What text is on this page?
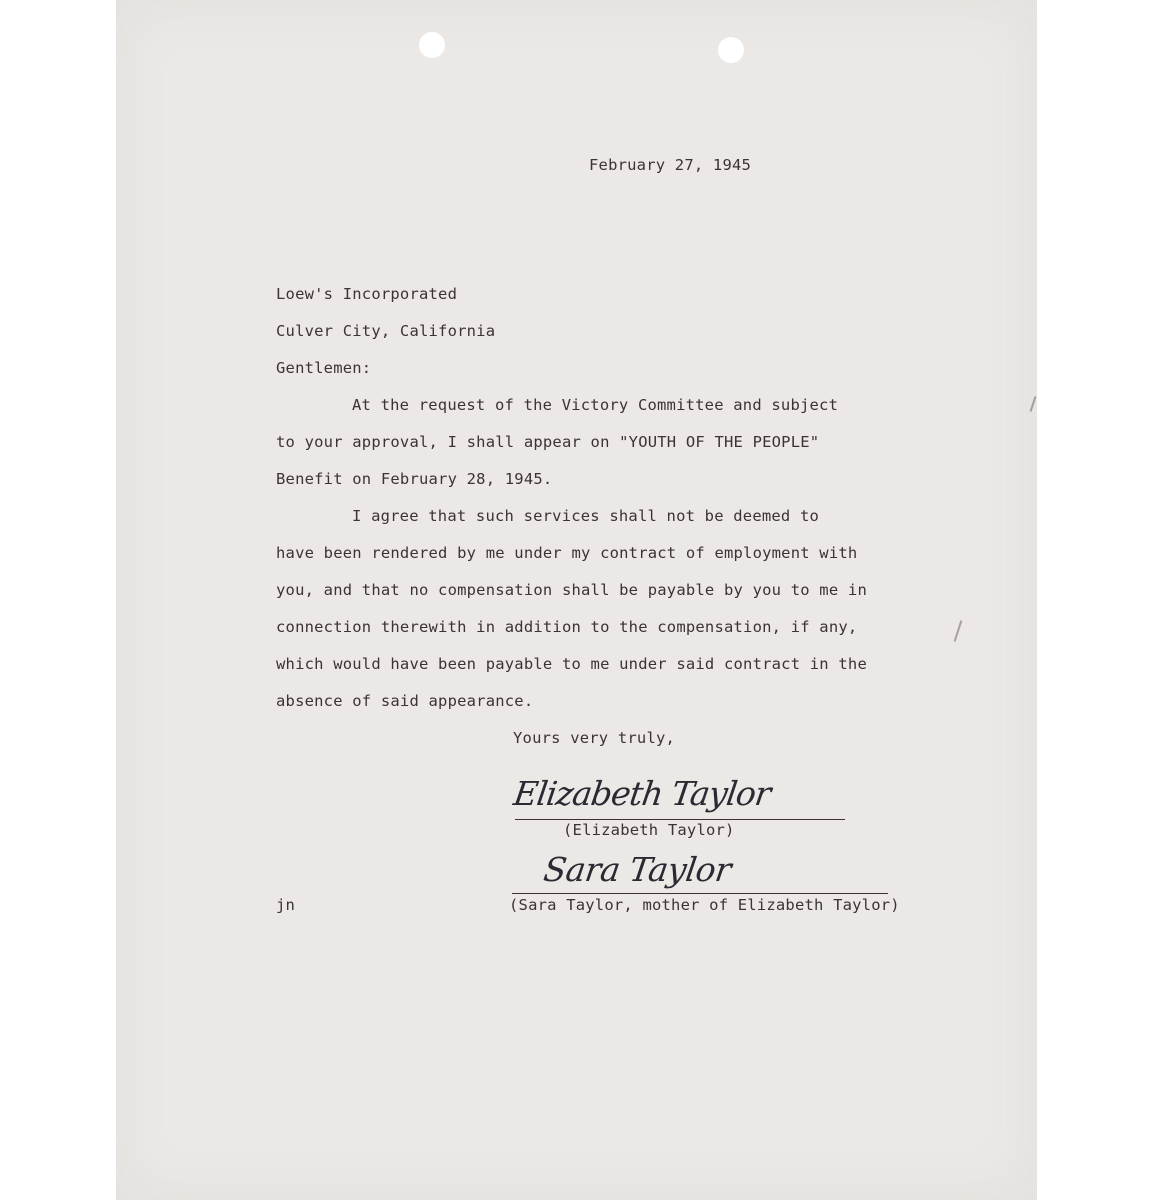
February 27, 1945
Loew's Incorporated
Culver City, California
Gentlemen:
At the request of the Victory Committee and subject
to your approval, I shall appear on "YOUTH OF THE PEOPLE"
Benefit on February 28, 1945.
I agree that such services shall not be deemed to
have been rendered by me under my contract of employment with
you, and that no compensation shall be payable by you to me in
connection therewith in addition to the compensation, if any,
which would have been payable to me under said contract in the
absence of said appearance.
Yours very truly,
Elizabeth Taylor
(Elizabeth Taylor)
Sara Taylor
(Sara Taylor, mother of Elizabeth Taylor)
jn
